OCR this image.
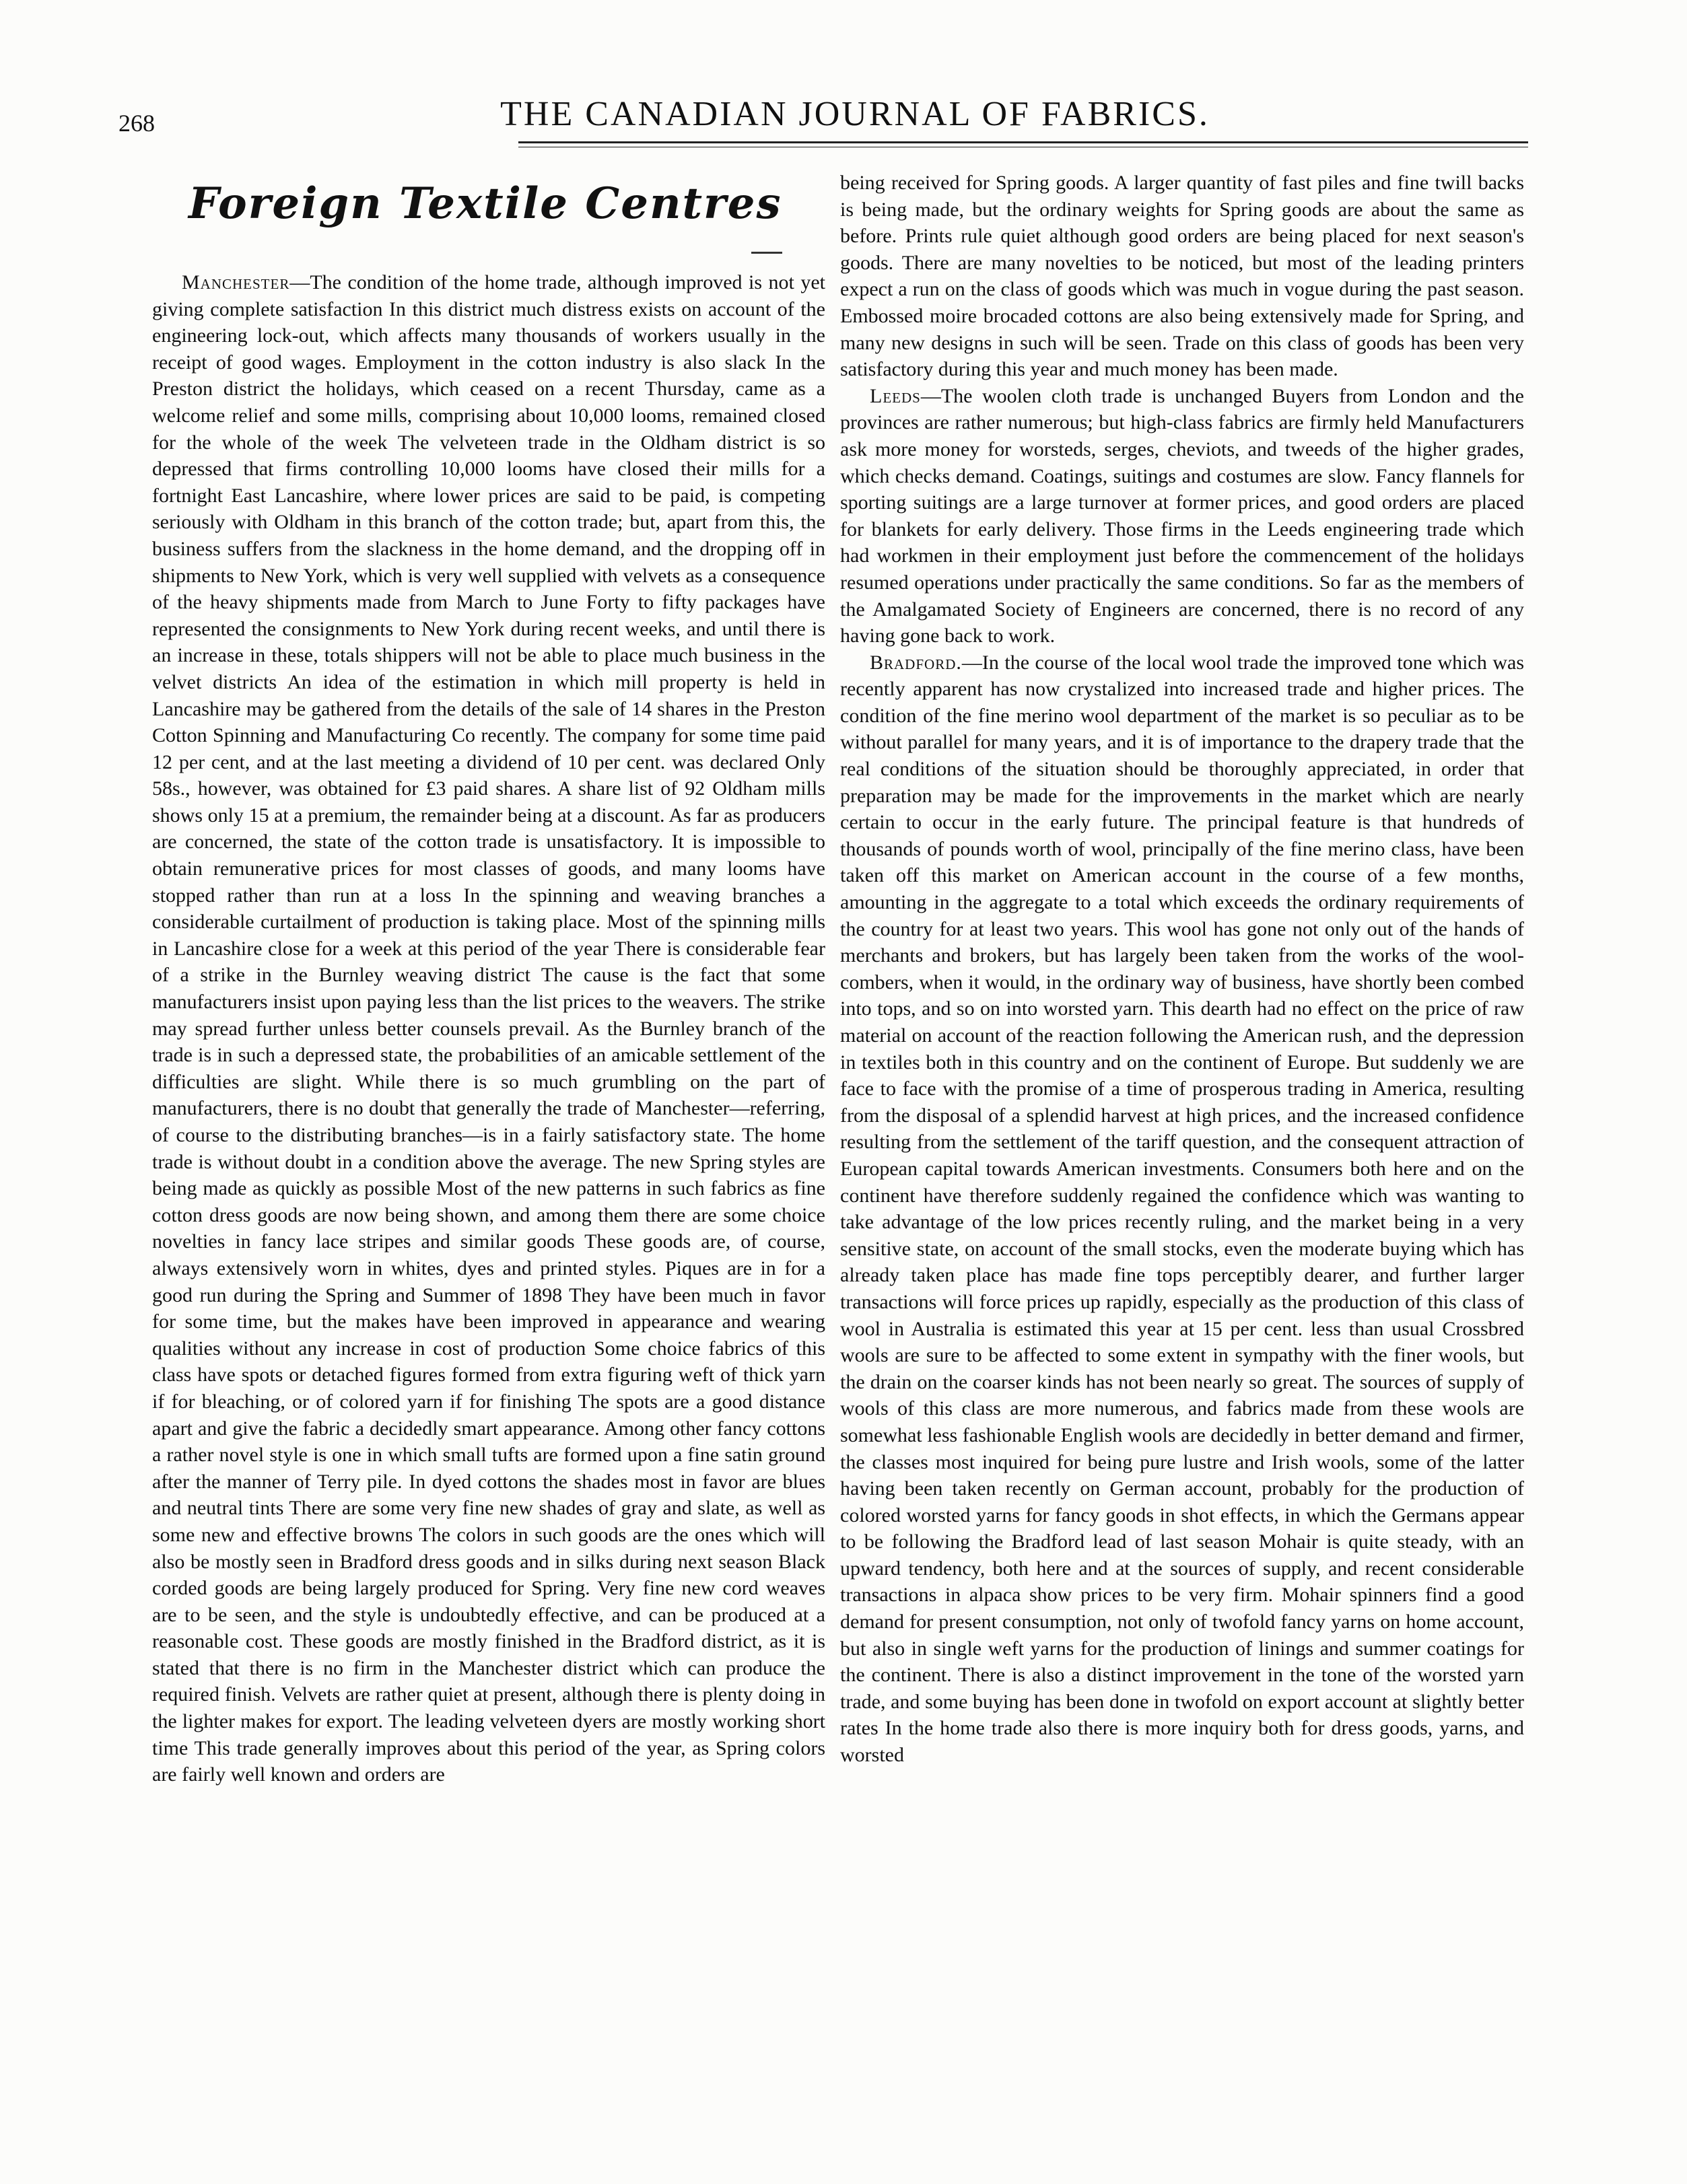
268	THE CANADIAN JOURNAL OF FABRICS.
Foreign Textile Centres

Manchester—The condition of the home trade, although improved is not yet giving complete satisfaction In this district much distress exists on account of the engineering lock-out, which affects many thousands of workers usually in the receipt of good wages. Employment in the cotton industry is also slack In the Preston district the holidays, which ceased on a recent Thursday, came as a welcome relief and some mills, comprising about 10,000 looms, remained closed for the whole of the week The velveteen trade in the Oldham district is so depressed that firms controlling 10,000 looms have closed their mills for a fortnight East Lancashire, where lower prices are said to be paid, is competing seriously with Oldham in this branch of the cotton trade; but, apart from this, the business suffers from the slackness in the home demand, and the dropping off in shipments to New York, which is very well supplied with velvets as a consequence of the heavy shipments made from March to June Forty to fifty packages have represented the consignments to New York during recent weeks, and until there is an increase in these, totals shippers will not be able to place much business in the velvet districts An idea of the estimation in which mill property is held in Lancashire may be gathered from the details of the sale of 14 shares in the Preston Cotton Spinning and Manufacturing Co recently. The company for some time paid 12 per cent, and at the last meeting a dividend of 10 per cent. was declared Only 58s., however, was obtained for £3 paid shares. A share list of 92 Oldham mills shows only 15 at a premium, the remainder being at a discount. As far as producers are concerned, the state of the cotton trade is unsatisfactory. It is impossible to obtain remunerative prices for most classes of goods, and many looms have stopped rather than run at a loss In the spinning and weaving branches a considerable curtailment of production is taking place. Most of the spinning mills in Lancashire close for a week at this period of the year There is considerable fear of a strike in the Burnley weaving district The cause is the fact that some manufacturers insist upon paying less than the list prices to the weavers. The strike may spread further unless better counsels prevail. As the Burnley branch of the trade is in such a depressed state, the probabilities of an amicable settlement of the difficulties are slight. While there is so much grumbling on the part of manufacturers, there is no doubt that generally the trade of Manchester—referring, of course to the distributing branches—is in a fairly satisfactory state. The home trade is without doubt in a condition above the average. The new Spring styles are being made as quickly as possible Most of the new patterns in such fabrics as fine cotton dress goods are now being shown, and among them there are some choice novelties in fancy lace stripes and similar goods These goods are, of course, always extensively worn in whites, dyes and printed styles. Piques are in for a good run during the Spring and Summer of 1898 They have been much in favor for some time, but the makes have been improved in appearance and wearing qualities without any increase in cost of production Some choice fabrics of this class have spots or detached figures formed from extra figuring weft of thick yarn if for bleaching, or of colored yarn if for finishing The spots are a good distance apart and give the fabric a decidedly smart appearance. Among other fancy cottons a rather novel style is one in which small tufts are formed upon a fine satin ground after the manner of Terry pile. In dyed cottons the shades most in favor are blues and neutral tints There are some very fine new shades of gray and slate, as well as some new and effective browns The colors in such goods are the ones which will also be mostly seen in Bradford dress goods and in silks during next season Black corded goods are being largely produced for Spring. Very fine new cord weaves are to be seen, and the style is undoubtedly effective, and can be produced at a reasonable cost. These goods are mostly finished in the Bradford district, as it is stated that there is no firm in the Manchester district which can produce the required finish. Velvets are rather quiet at present, although there is plenty doing in the lighter makes for export. The leading velveteen dyers are mostly working short time This trade generally improves about this period of the year, as Spring colors are fairly well known and orders are

being received for Spring goods. A larger quantity of fast piles and fine twill backs is being made, but the ordinary weights for Spring goods are about the same as before. Prints rule quiet although good orders are being placed for next season's goods. There are many novelties to be noticed, but most of the leading printers expect a run on the class of goods which was much in vogue during the past season. Embossed moire brocaded cottons are also being extensively made for Spring, and many new designs in such will be seen. Trade on this class of goods has been very satisfactory during this year and much money has been made.

Leeds—The woolen cloth trade is unchanged Buyers from London and the provinces are rather numerous; but high-class fabrics are firmly held Manufacturers ask more money for worsteds, serges, cheviots, and tweeds of the higher grades, which checks demand. Coatings, suitings and costumes are slow. Fancy flannels for sporting suitings are a large turnover at former prices, and good orders are placed for blankets for early delivery. Those firms in the Leeds engineering trade which had workmen in their employment just before the commencement of the holidays resumed operations under practically the same conditions. So far as the members of the Amalgamated Society of Engineers are concerned, there is no record of any having gone back to work.

Bradford.—In the course of the local wool trade the improved tone which was recently apparent has now crystalized into increased trade and higher prices. The condition of the fine merino wool department of the market is so peculiar as to be without parallel for many years, and it is of importance to the drapery trade that the real conditions of the situation should be thoroughly appreciated, in order that preparation may be made for the improvements in the market which are nearly certain to occur in the early future. The principal feature is that hundreds of thousands of pounds worth of wool, principally of the fine merino class, have been taken off this market on American account in the course of a few months, amounting in the aggregate to a total which exceeds the ordinary requirements of the country for at least two years. This wool has gone not only out of the hands of merchants and brokers, but has largely been taken from the works of the wool-combers, when it would, in the ordinary way of business, have shortly been combed into tops, and so on into worsted yarn. This dearth had no effect on the price of raw material on account of the reaction following the American rush, and the depression in textiles both in this country and on the continent of Europe. But suddenly we are face to face with the promise of a time of prosperous trading in America, resulting from the disposal of a splendid harvest at high prices, and the increased confidence resulting from the settlement of the tariff question, and the consequent attraction of European capital towards American investments. Consumers both here and on the continent have therefore suddenly regained the confidence which was wanting to take advantage of the low prices recently ruling, and the market being in a very sensitive state, on account of the small stocks, even the moderate buying which has already taken place has made fine tops perceptibly dearer, and further larger transactions will force prices up rapidly, especially as the production of this class of wool in Australia is estimated this year at 15 per cent. less than usual Crossbred wools are sure to be affected to some extent in sympathy with the finer wools, but the drain on the coarser kinds has not been nearly so great. The sources of supply of wools of this class are more numerous, and fabrics made from these wools are somewhat less fashionable English wools are decidedly in better demand and firmer, the classes most inquired for being pure lustre and Irish wools, some of the latter having been taken recently on German account, probably for the production of colored worsted yarns for fancy goods in shot effects, in which the Germans appear to be following the Bradford lead of last season Mohair is quite steady, with an upward tendency, both here and at the sources of supply, and recent considerable transactions in alpaca show prices to be very firm. Mohair spinners find a good demand for present consumption, not only of twofold fancy yarns on home account, but also in single weft yarns for the production of linings and summer coatings for the continent. There is also a distinct improvement in the tone of the worsted yarn trade, and some buying has been done in twofold on export account at slightly better rates In the home trade also there is more inquiry both for dress goods, yarns, and worsted
